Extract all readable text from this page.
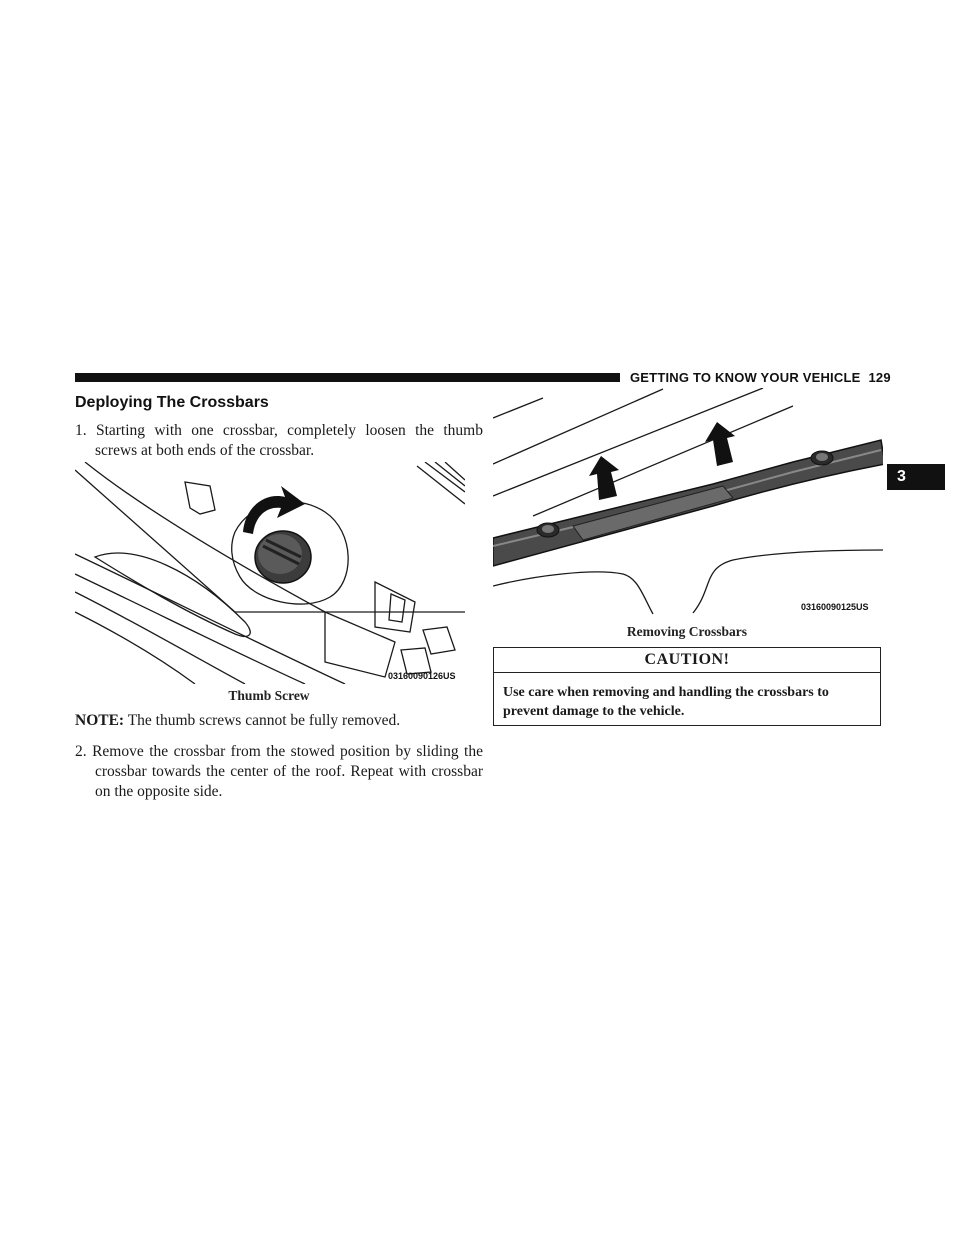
GETTING TO KNOW YOUR VEHICLE 129
3
Deploying The Crossbars

1. Starting with one crossbar, completely loosen the thumb screws at both ends of the crossbar.

03160090126US
Thumb Screw

NOTE: The thumb screws cannot be fully removed.

2. Remove the crossbar from the stowed position by sliding the crossbar towards the center of the roof. Repeat with crossbar on the opposite side.

03160090125US
Removing Crossbars
CAUTION!
Use care when removing and handling the crossbars to prevent damage to the vehicle.
